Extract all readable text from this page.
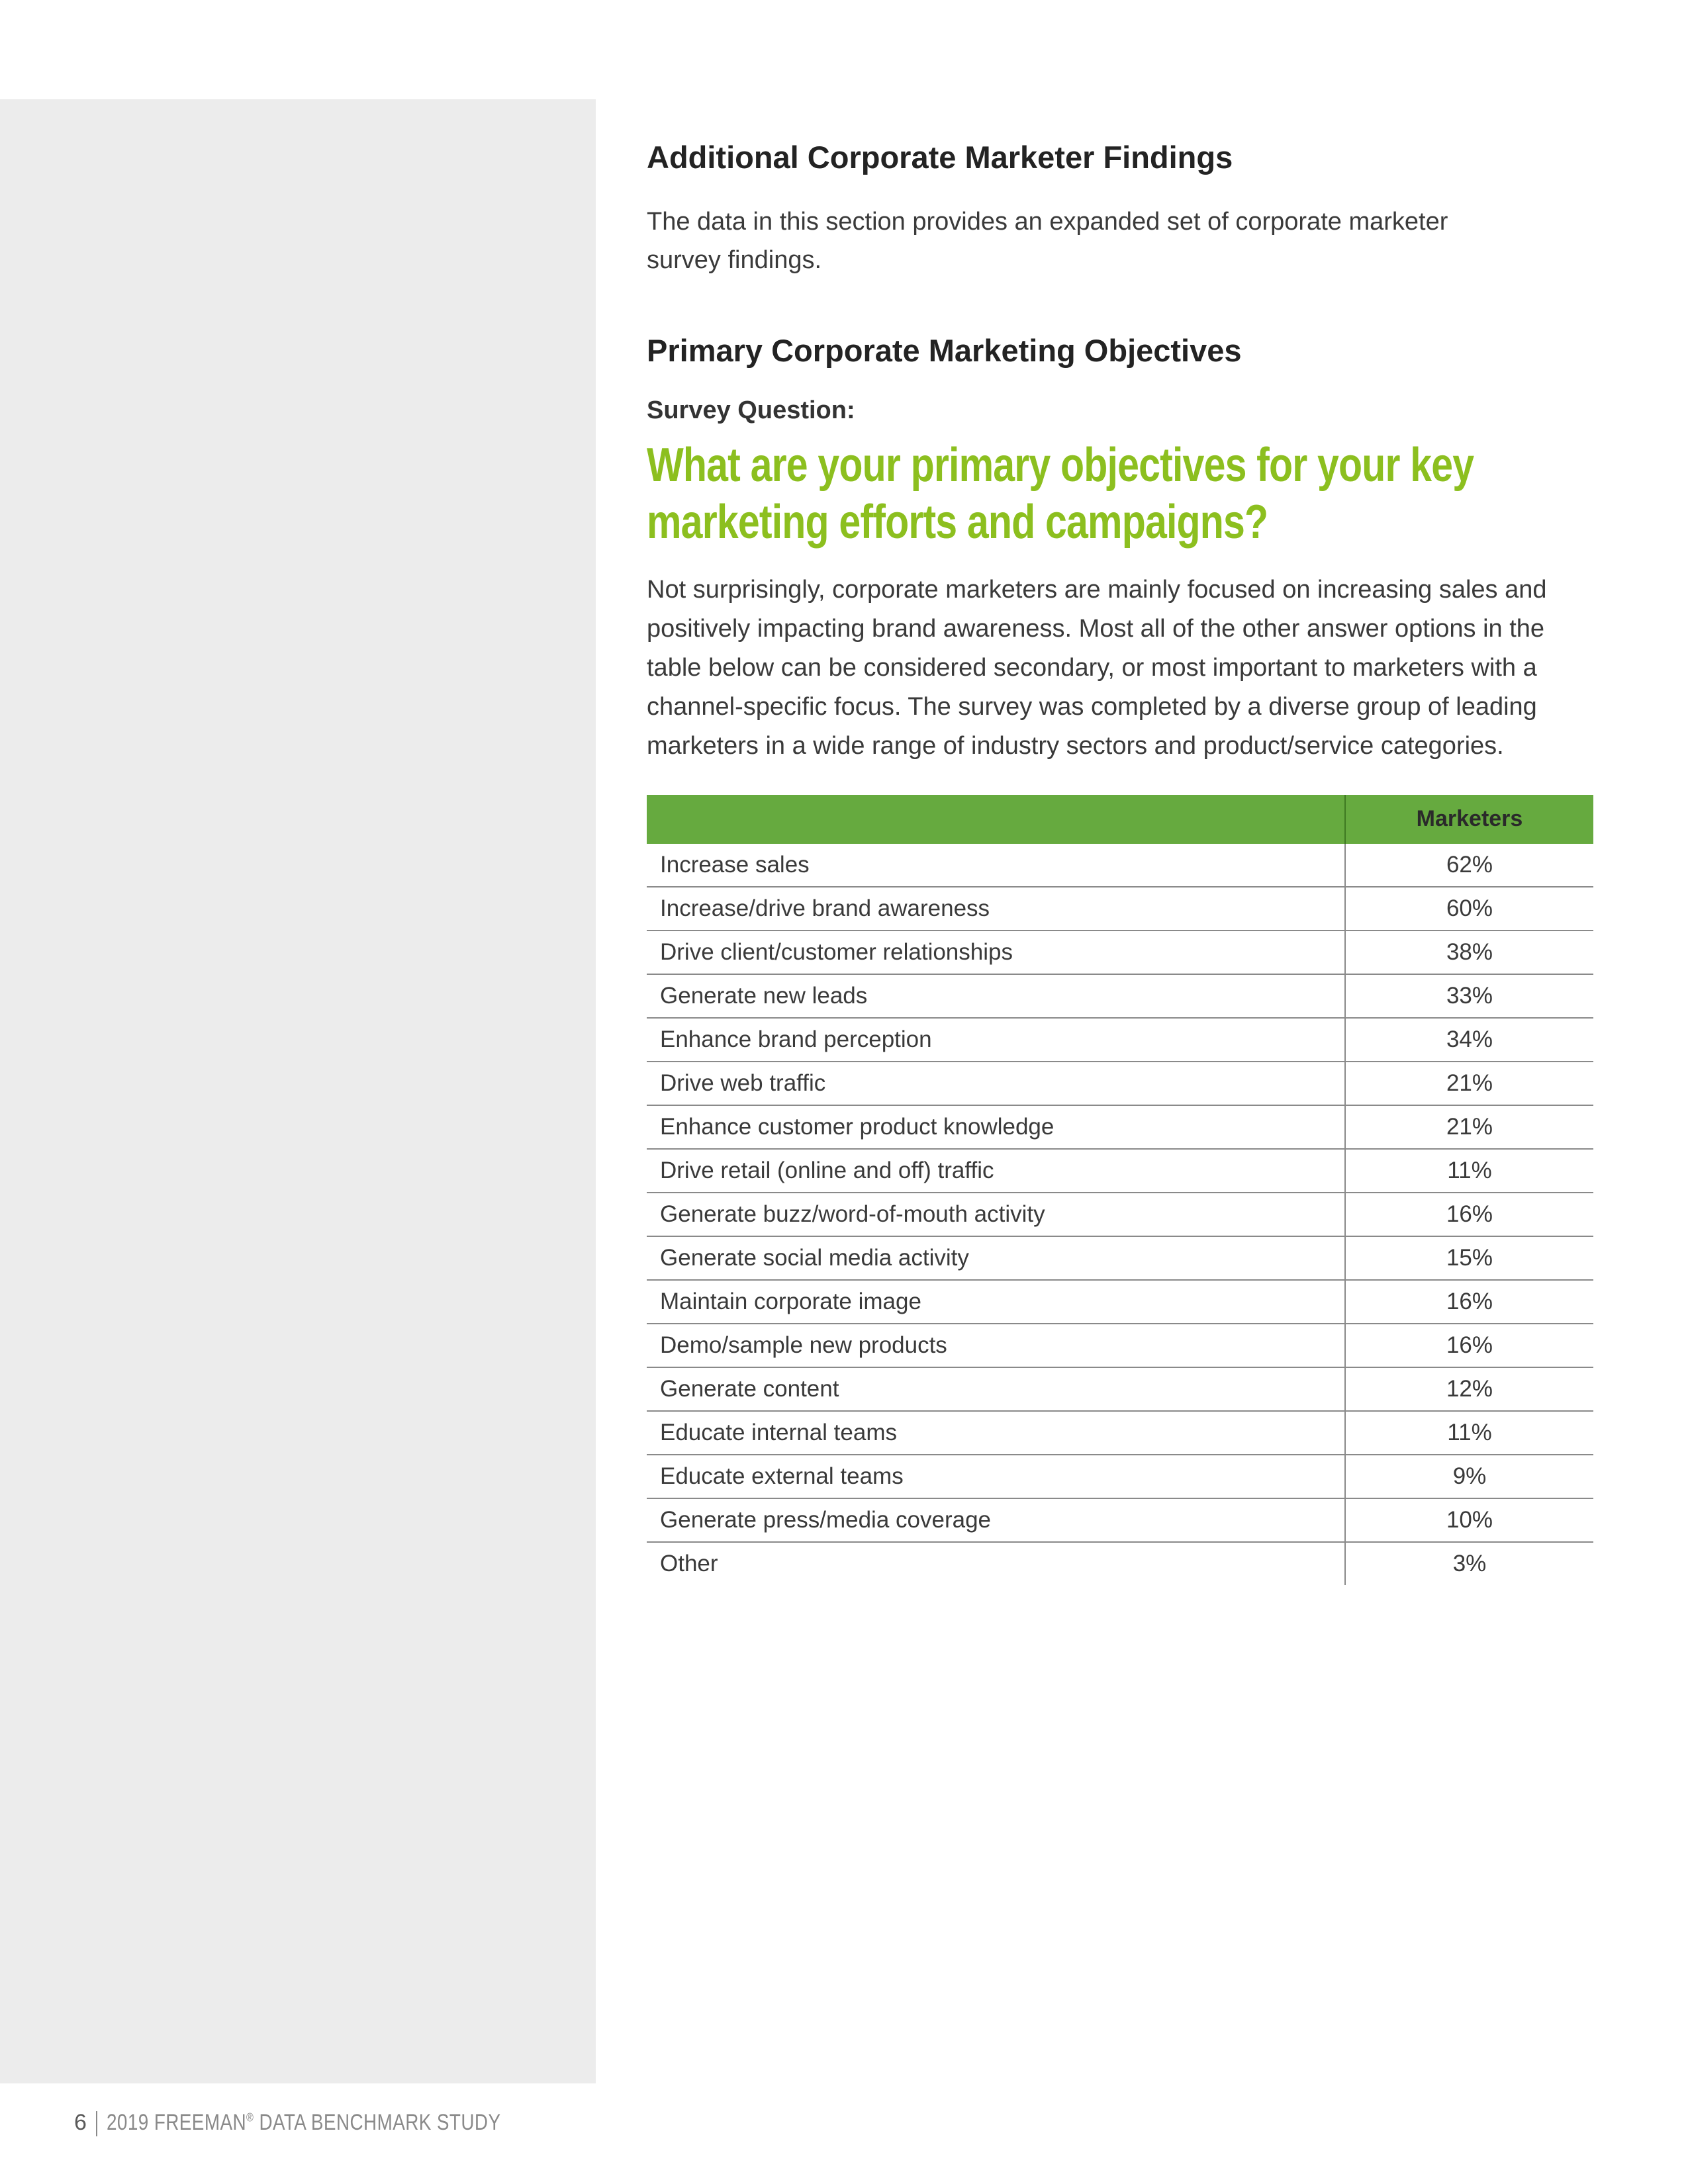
Additional Corporate Marketer Findings

The data in this section provides an expanded set of corporate marketer survey findings.

Primary Corporate Marketing Objectives
Survey Question:
What are your primary objectives for your key marketing efforts and campaigns?

Not surprisingly, corporate marketers are mainly focused on increasing sales and positively impacting brand awareness. Most all of the other answer options in the table below can be considered secondary, or most important to marketers with a channel-specific focus. The survey was completed by a diverse group of leading marketers in a wide range of industry sectors and product/service categories.

	Marketers
Increase sales	62%
Increase/drive brand awareness	60%
Drive client/customer relationships	38%
Generate new leads	33%
Enhance brand perception	34%
Drive web traffic	21%
Enhance customer product knowledge	21%
Drive retail (online and off) traffic	11%
Generate buzz/word-of-mouth activity	16%
Generate social media activity	15%
Maintain corporate image	16%
Demo/sample new products	16%
Generate content	12%
Educate internal teams	11%
Educate external teams	9%
Generate press/media coverage	10%
Other	3%
6 2019 FREEMAN® DATA BENCHMARK STUDY
